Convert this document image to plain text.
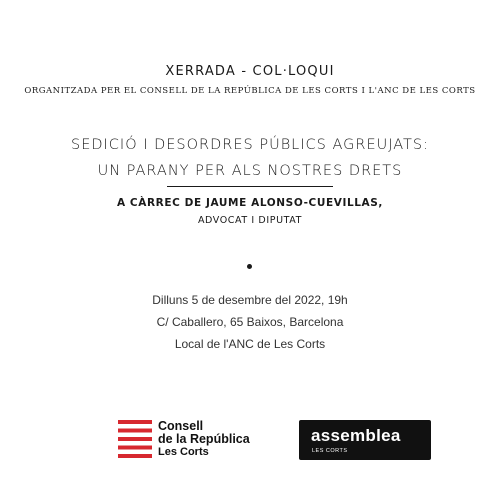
XERRADA - COL·LOQUI
ORGANITZADA PER EL CONSELL DE LA REPÚBLICA DE LES CORTS I L'ANC DE LES CORTS
SEDICIÓ I DESORDRES PÚBLICS AGREUJATS:
UN PARANY PER ALS NOSTRES DRETS
A CÀRREC DE JAUME ALONSO-CUEVILLAS,
ADVOCAT I DIPUTAT
Dilluns 5 de desembre del 2022, 19h
C/ Caballero, 65 Baixos, Barcelona
Local de l'ANC de Les Corts
Consell
de la República
Les Corts
assemblea
LES CORTS
